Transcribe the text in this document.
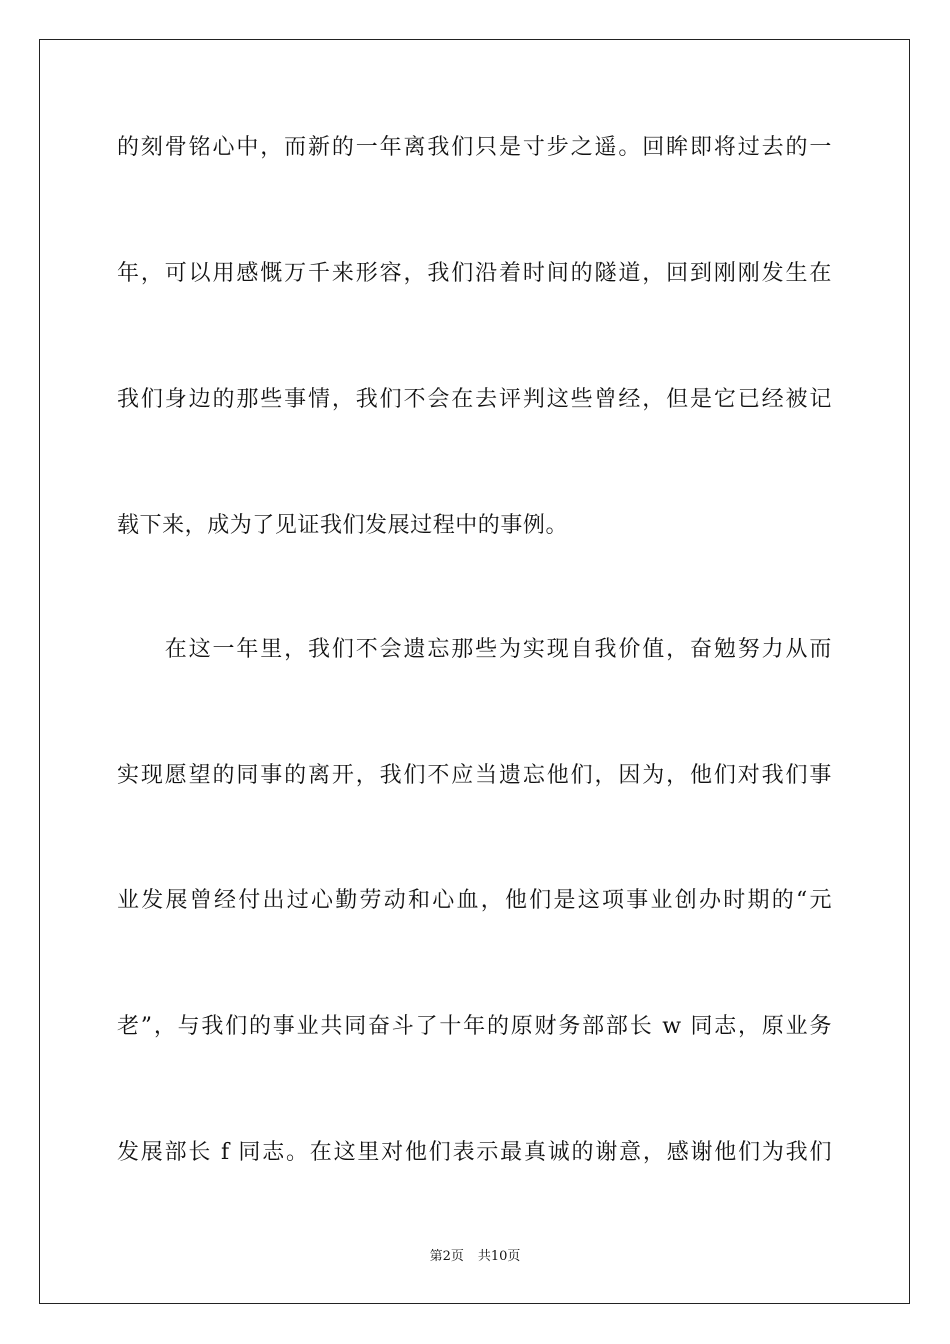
的刻骨铭心中，而新的一年离我们只是寸步之遥。回眸即将过去的一
年，可以用感慨万千来形容，我们沿着时间的隧道，回到刚刚发生在
我们身边的那些事情，我们不会在去评判这些曾经，但是它已经被记
载下来，成为了见证我们发展过程中的事例。
　　在这一年里，我们不会遗忘那些为实现自我价值，奋勉努力从而
实现愿望的同事的离开，我们不应当遗忘他们，因为，他们对我们事
业发展曾经付出过心勤劳动和心血，他们是这项事业创办时期的“元
老”，与我们的事业共同奋斗了十年的原财务部部长 w 同志，原业务
发展部长 f 同志。在这里对他们表示最真诚的谢意，感谢他们为我们
第2页 共10页
